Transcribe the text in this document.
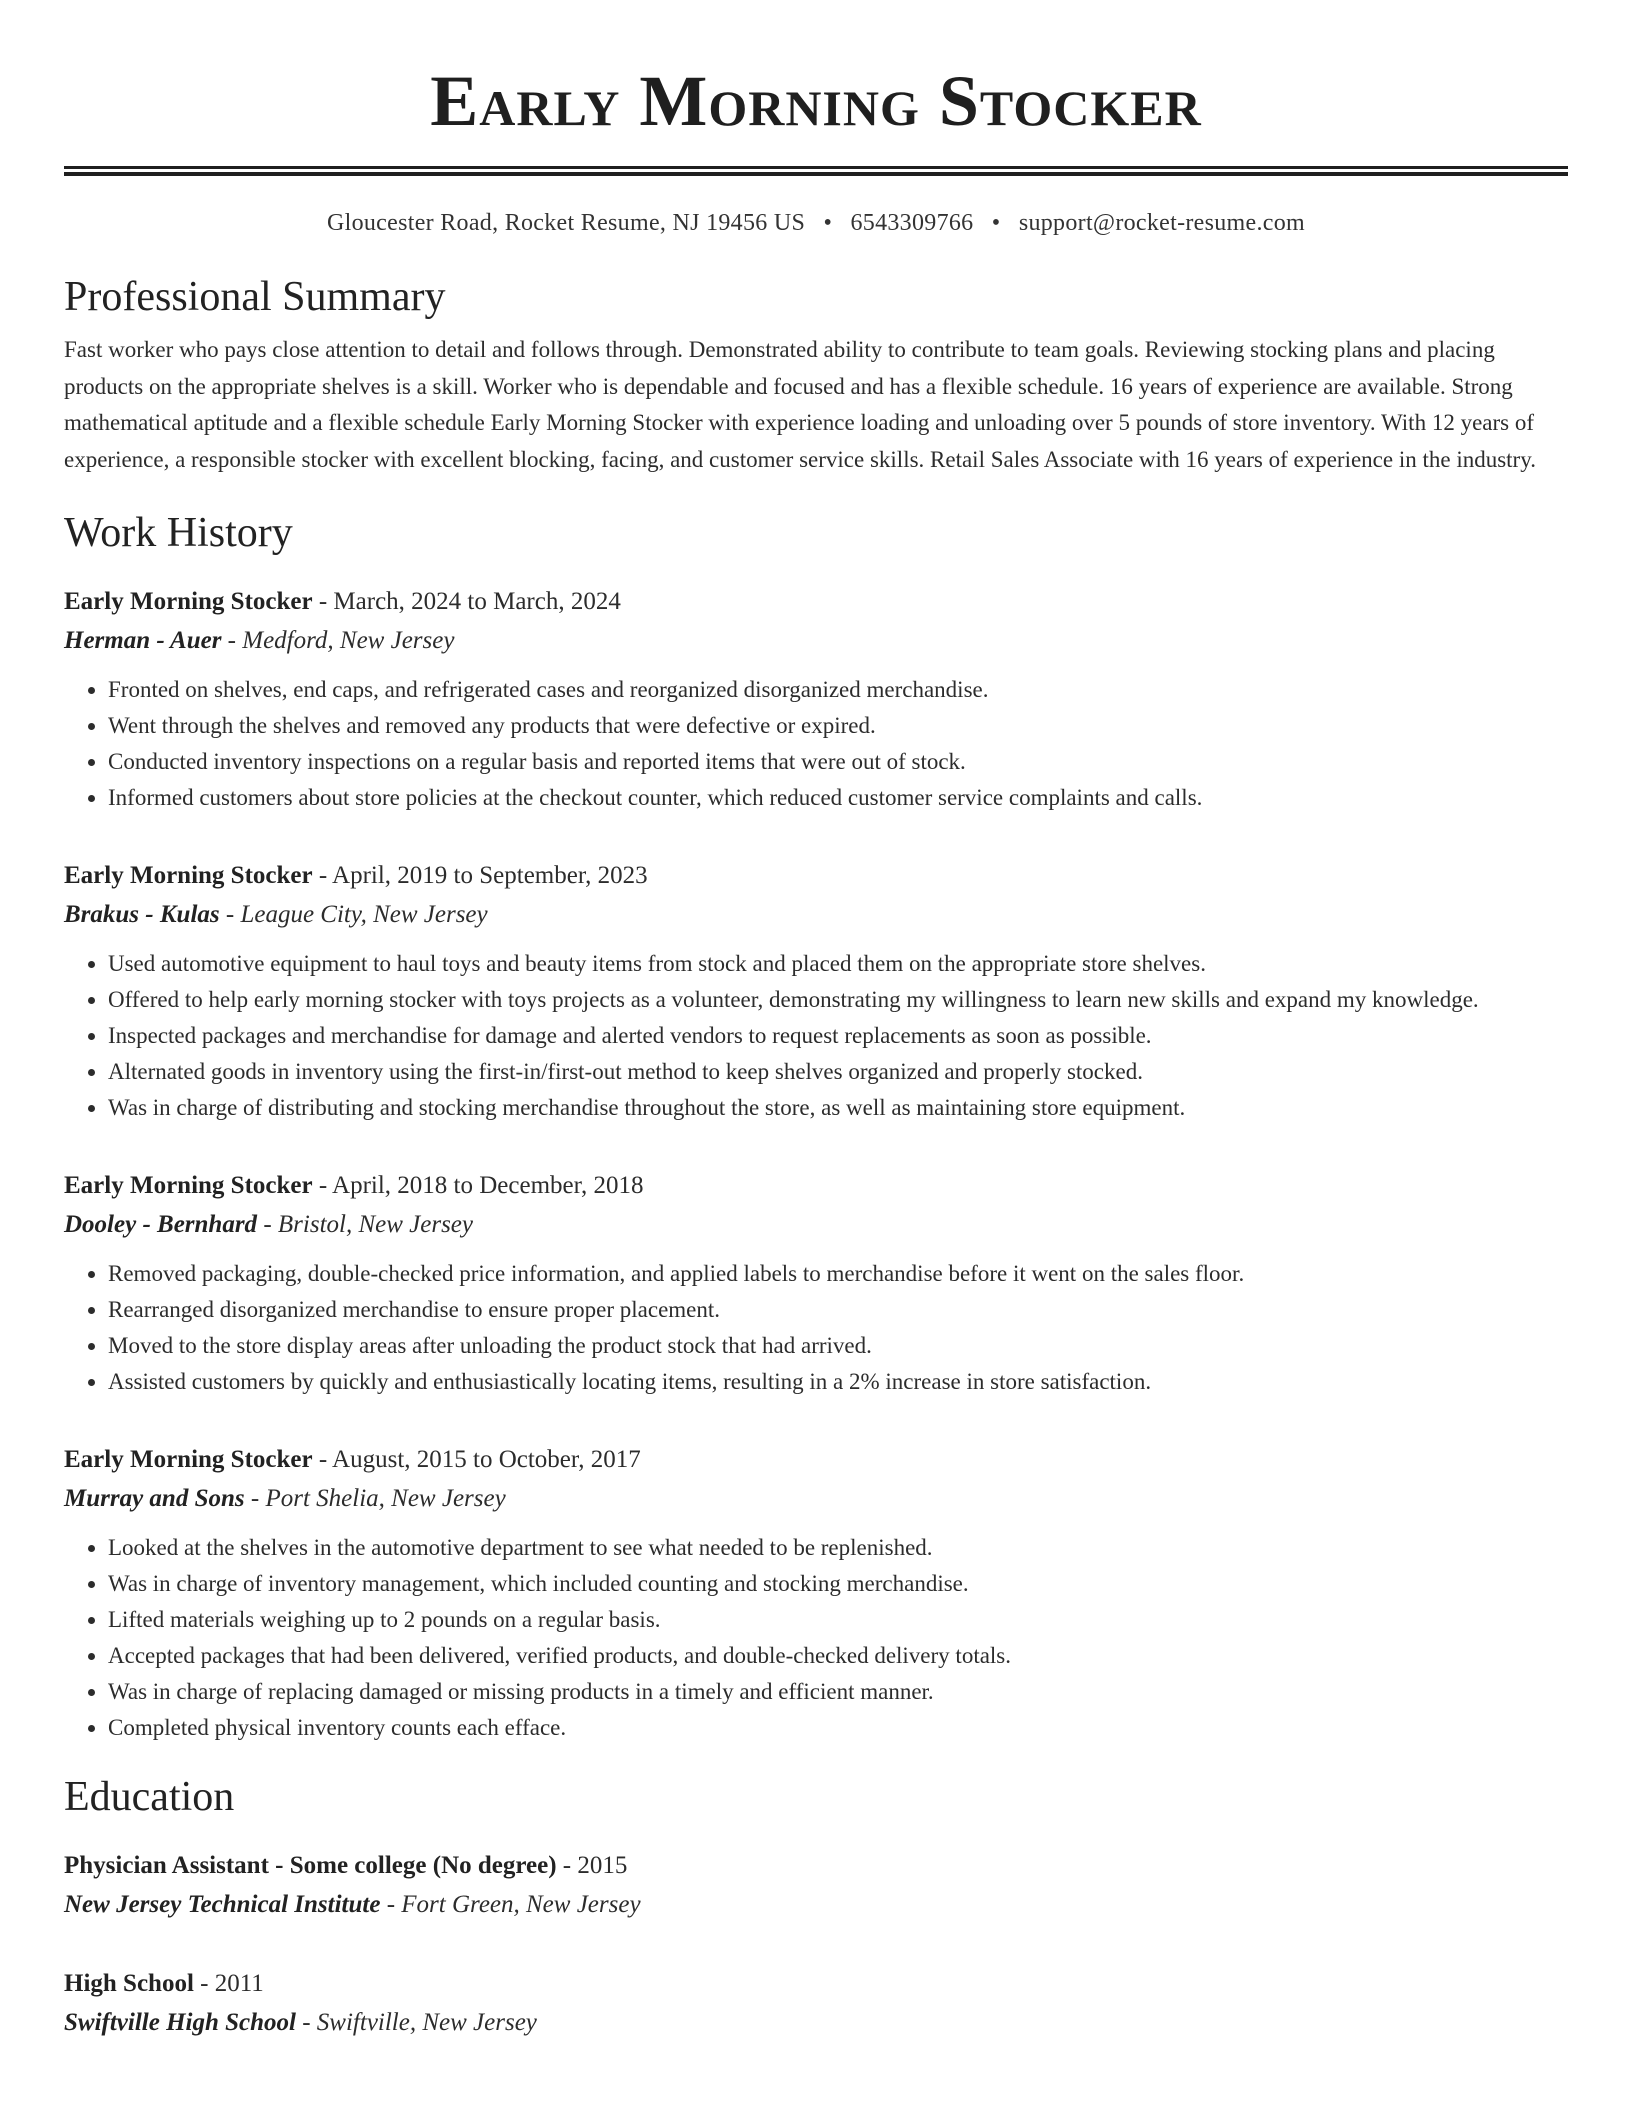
Early Morning Stocker
Gloucester Road, Rocket Resume, NJ 19456 US • 6543309766 • support@rocket-resume.com
Professional Summary

Fast worker who pays close attention to detail and follows through. Demonstrated ability to contribute to team goals. Reviewing stocking plans and placing products on the appropriate shelves is a skill. Worker who is dependable and focused and has a flexible schedule. 16 years of experience are available. Strong mathematical aptitude and a flexible schedule Early Morning Stocker with experience loading and unloading over 5 pounds of store inventory. With 12 years of experience, a responsible stocker with excellent blocking, facing, and customer service skills. Retail Sales Associate with 16 years of experience in the industry.

Work History
Early Morning Stocker - March, 2024 to March, 2024
Herman - Auer - Medford, New Jersey
• Fronted on shelves, end caps, and refrigerated cases and reorganized disorganized merchandise.
• Went through the shelves and removed any products that were defective or expired.
• Conducted inventory inspections on a regular basis and reported items that were out of stock.
• Informed customers about store policies at the checkout counter, which reduced customer service complaints and calls.
Early Morning Stocker - April, 2019 to September, 2023
Brakus - Kulas - League City, New Jersey
• Used automotive equipment to haul toys and beauty items from stock and placed them on the appropriate store shelves.
• Offered to help early morning stocker with toys projects as a volunteer, demonstrating my willingness to learn new skills and expand my knowledge.
• Inspected packages and merchandise for damage and alerted vendors to request replacements as soon as possible.
• Alternated goods in inventory using the first-in/first-out method to keep shelves organized and properly stocked.
• Was in charge of distributing and stocking merchandise throughout the store, as well as maintaining store equipment.
Early Morning Stocker - April, 2018 to December, 2018
Dooley - Bernhard - Bristol, New Jersey
• Removed packaging, double-checked price information, and applied labels to merchandise before it went on the sales floor.
• Rearranged disorganized merchandise to ensure proper placement.
• Moved to the store display areas after unloading the product stock that had arrived.
• Assisted customers by quickly and enthusiastically locating items, resulting in a 2% increase in store satisfaction.
Early Morning Stocker - August, 2015 to October, 2017
Murray and Sons - Port Shelia, New Jersey
• Looked at the shelves in the automotive department to see what needed to be replenished.
• Was in charge of inventory management, which included counting and stocking merchandise.
• Lifted materials weighing up to 2 pounds on a regular basis.
• Accepted packages that had been delivered, verified products, and double-checked delivery totals.
• Was in charge of replacing damaged or missing products in a timely and efficient manner.
• Completed physical inventory counts each efface.
Education
Physician Assistant - Some college (No degree) - 2015
New Jersey Technical Institute - Fort Green, New Jersey
High School - 2011
Swiftville High School - Swiftville, New Jersey
